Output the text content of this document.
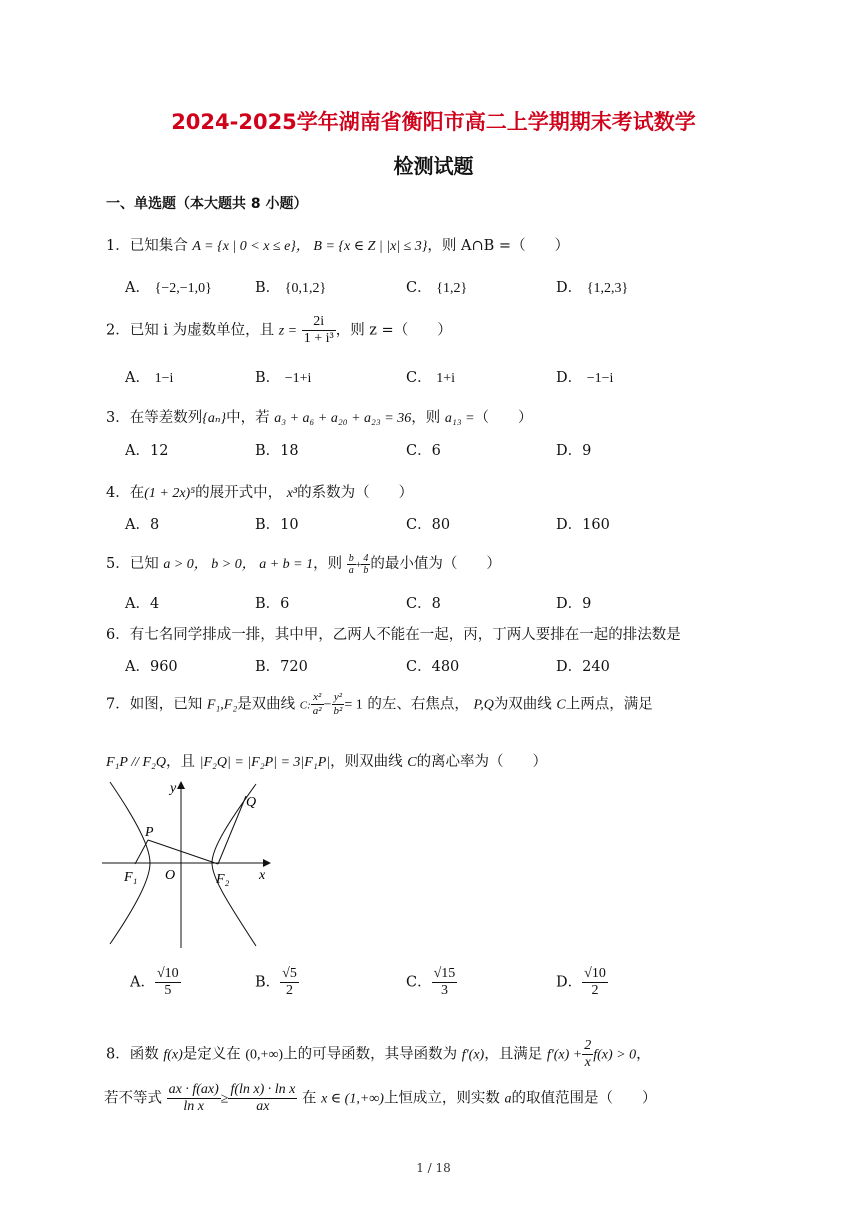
2024-2025学年湖南省衡阳市高二上学期期末考试数学
检测试题
一、单选题（本大题共 8 小题）
1．已知集合 A = {x | 0 < x ≤ e}， B = {x ∈ Z | |x| ≤ 3}，则 A∩B =（　　）
A． {−2,−1,0}	B． {0,1,2}	C． {1,2}	D． {1,2,3}
2．已知 i 为虚数单位，且 $z = \frac{2i}{\text{1 + i³}}$ ，则 z =（　　）
A． 1−i	B． −1+i	C． 1+i	D． −1−i
3．在等差数列{aₙ}中，若 a₃ + a₆ + a₂₀ + a₂₃ = 36，则 a₁₃ =（　　）
A．12	B．18	C．6	D．9
4．在(1 + 2x)⁵的展开式中， x³的系数为（　　）
A．8	B．10	C．80	D．160
5．已知 a > 0， b > 0， a + b = 1，则 $\frac{b}{a} + \frac{4}{b}$ 的最小值为（　　）
A．4	B．6	C．8	D．9
6．有七名同学排成一排，其中甲，乙两人不能在一起，丙，丁两人要排在一起的排法数是
A．960	B．720	C．480	D．240
7．如图，已知 F₁,F₂是双曲线 C: $\frac{\text{x²}}{\text{a²}} - \frac{\text{y²}}{\text{b²}} = 1$ 的左、右焦点， P,Q为双曲线 C上两点，满足
F₁P // F₂Q，且 |F₂Q| = |F₂P| = 3|F₁P|，则双曲线 C的离心率为（　　）
y
Q
P
F₁ O	F₂ x
A． $\frac{√10}{5}$	B． $\frac{√5}{2}$	C． $\frac{√15}{3}$	D． $\frac{√10}{2}$
8．函数 f(x)是定义在 (0,+∞)上的可导函数，其导函数为 f′(x)，且满足 $f'(x) + \frac{2}{x} f(x) > 0$，
若不等式 $\frac{ax \cdot f(ax)}{\text{ln x}} \ge \frac{\text{f(ln x) · ln x}}{ax}$ 在 x ∈ (1,+∞)上恒成立，则实数 a的取值范围是（　　）
1 / 18
